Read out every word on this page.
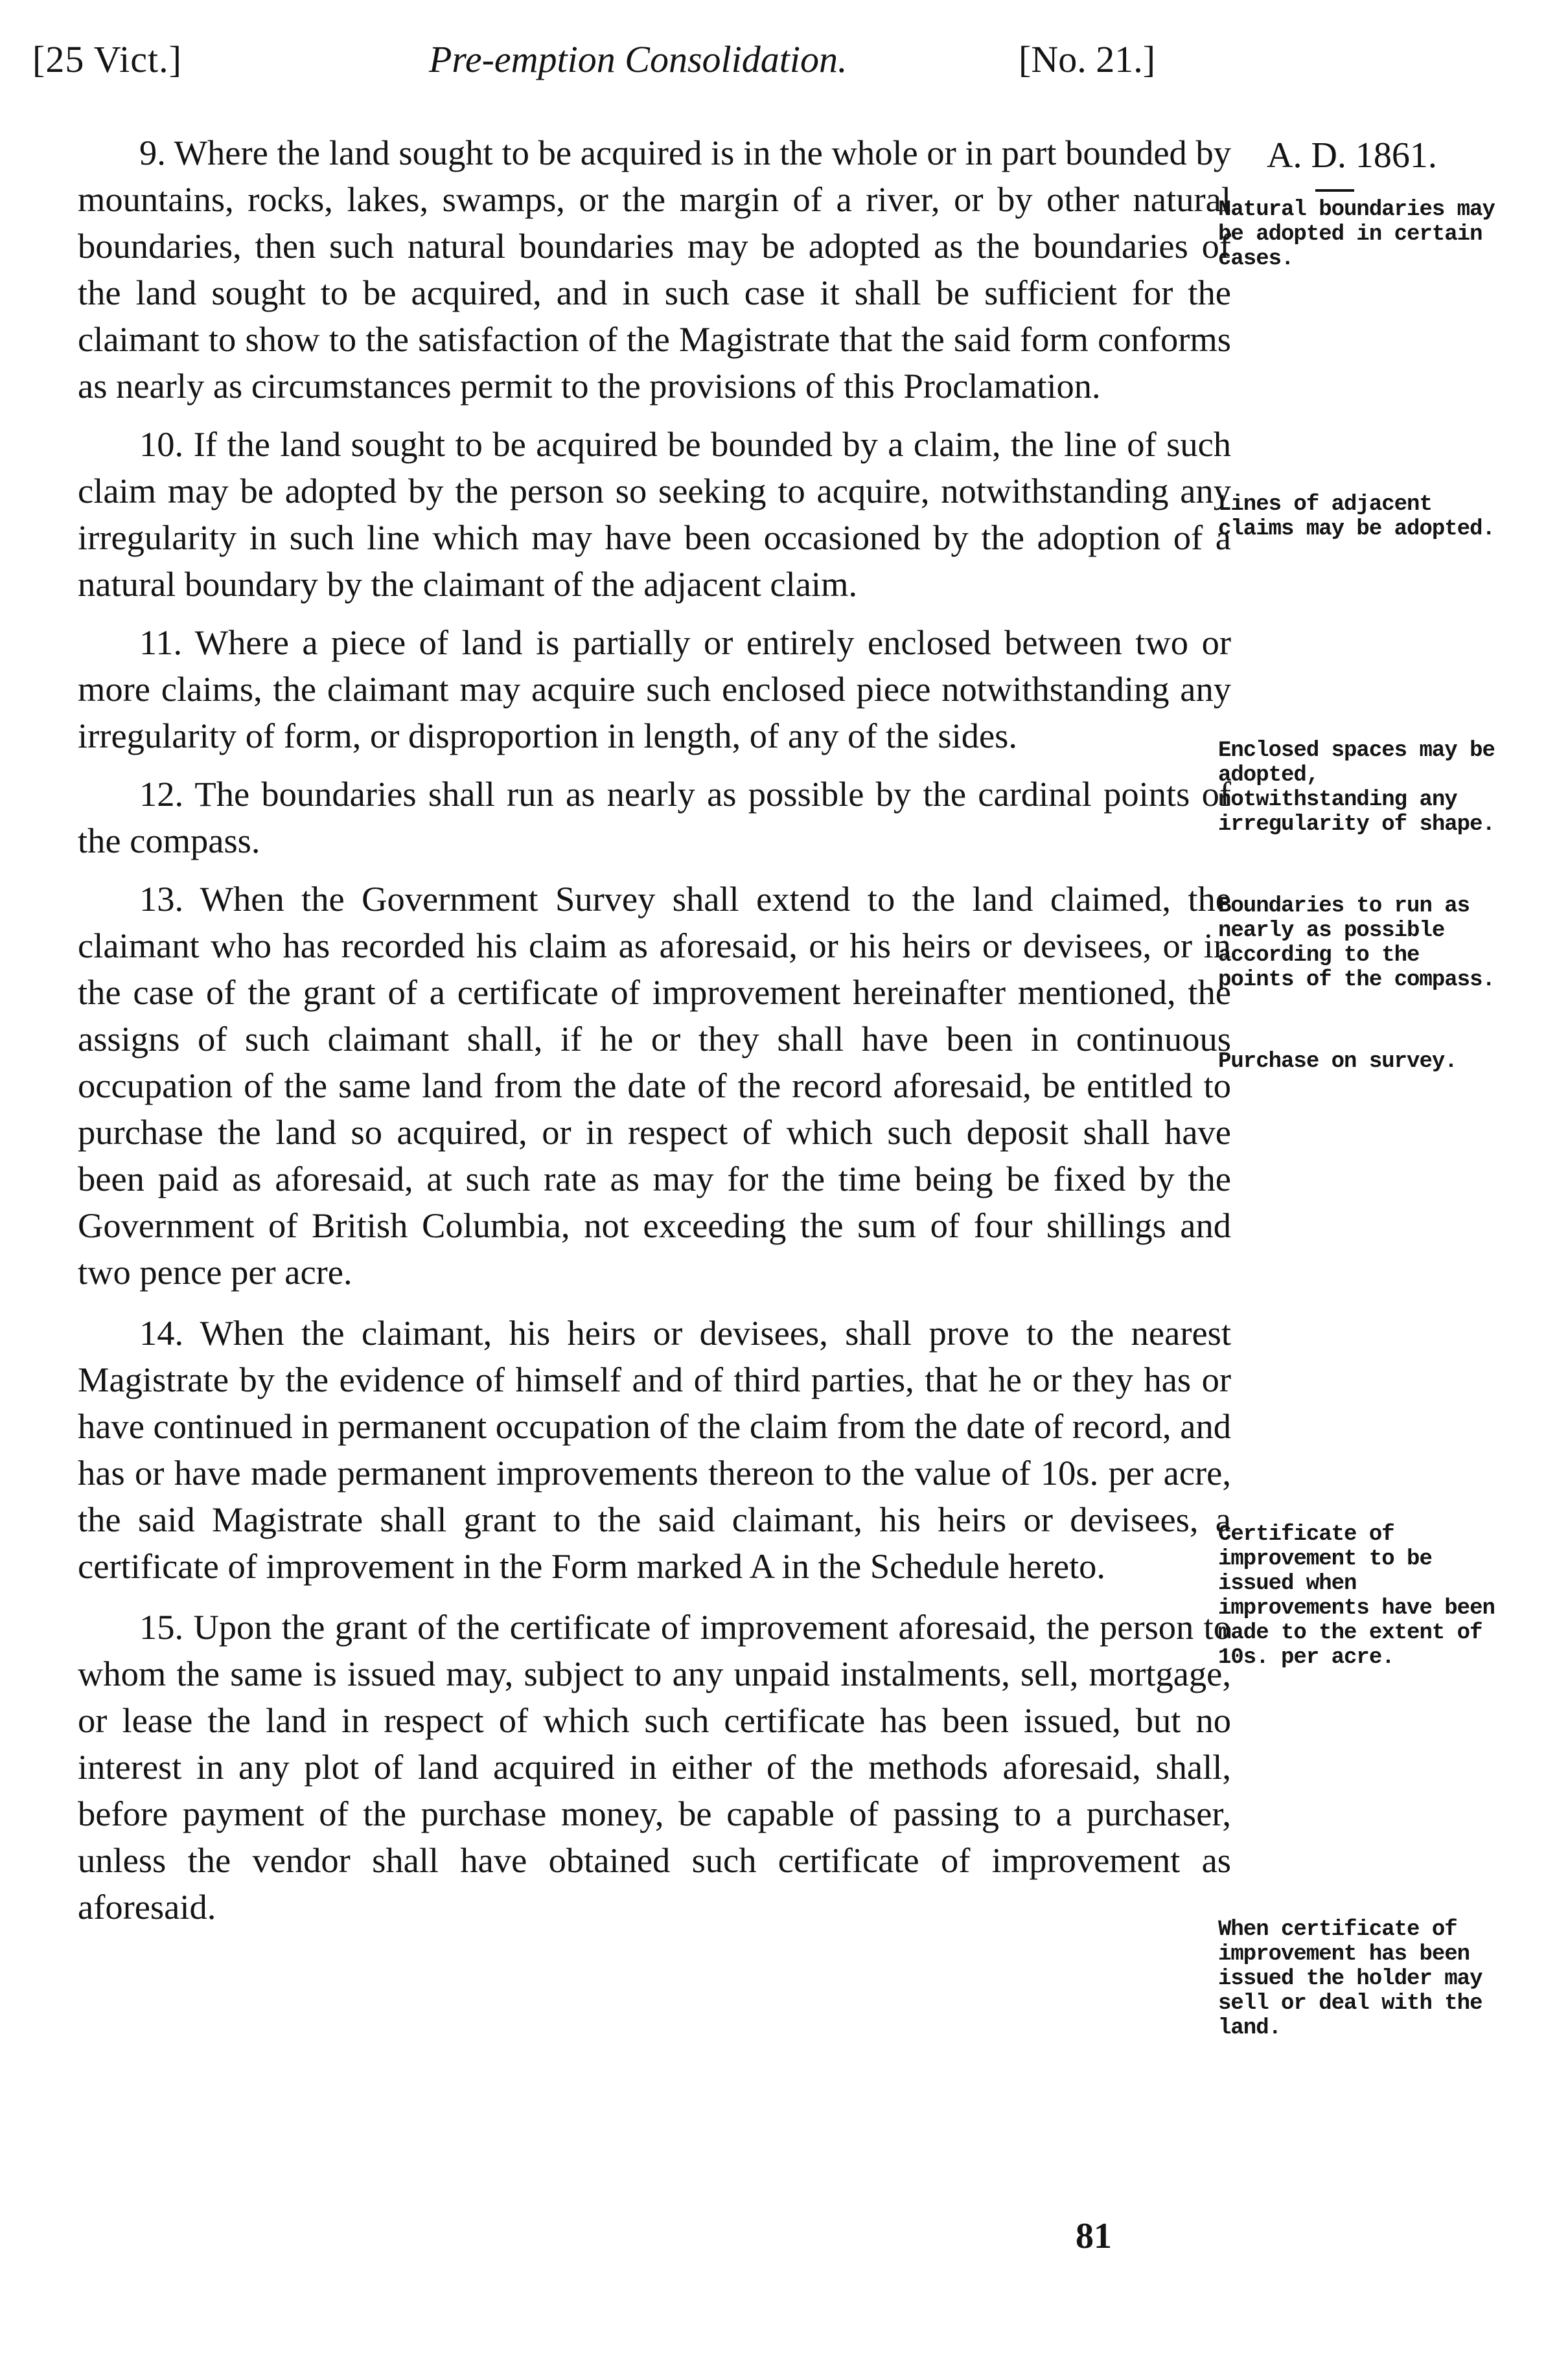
[25 Vict.]	Pre-emption Consolidation.	[No. 21.]
A. D. 1861.

9. Where the land sought to be acquired is in the whole or in part bounded by mountains, rocks, lakes, swamps, or the margin of a river, or by other natural boundaries, then such natural boundaries may be adopted as the boundaries of the land sought to be acquired, and in such case it shall be sufficient for the claimant to show to the satisfaction of the Magistrate that the said form conforms as nearly as circumstances permit to the provisions of this Proclamation.

10. If the land sought to be acquired be bounded by a claim, the line of such claim may be adopted by the person so seeking to acquire, notwithstanding any irregularity in such line which may have been occasioned by the adoption of a natural boundary by the claimant of the adjacent claim.

11. Where a piece of land is partially or entirely enclosed between two or more claims, the claimant may acquire such enclosed piece notwithstanding any irregularity of form, or disproportion in length, of any of the sides.

12. The boundaries shall run as nearly as possible by the cardinal points of the compass.

13. When the Government Survey shall extend to the land claimed, the claimant who has recorded his claim as aforesaid, or his heirs or devisees, or in the case of the grant of a certificate of improvement hereinafter mentioned, the assigns of such claimant shall, if he or they shall have been in continuous occupation of the same land from the date of the record aforesaid, be entitled to purchase the land so acquired, or in respect of which such deposit shall have been paid as aforesaid, at such rate as may for the time being be fixed by the Government of British Columbia, not exceeding the sum of four shillings and two pence per acre.

14. When the claimant, his heirs or devisees, shall prove to the nearest Magistrate by the evidence of himself and of third parties, that he or they has or have continued in permanent occupation of the claim from the date of record, and has or have made permanent improvements thereon to the value of 10s. per acre, the said Magistrate shall grant to the said claimant, his heirs or devisees, a certificate of improvement in the Form marked A in the Schedule hereto.

15. Upon the grant of the certificate of improvement aforesaid, the person to whom the same is issued may, subject to any unpaid instalments, sell, mortgage, or lease the land in respect of which such certificate has been issued, but no interest in any plot of land acquired in either of the methods aforesaid, shall, before payment of the purchase money, be capable of passing to a purchaser, unless the vendor shall have obtained such certificate of improvement as aforesaid.

Natural boundaries may be adopted in certain cases.
Lines of adjacent claims may be adopted.
Enclosed spaces may be adopted, notwithstanding any irregularity of shape.
Boundaries to run as nearly as possible according to the points of the compass.
Purchase on survey.
Certificate of improvement to be issued when improvements have been made to the extent of 10s. per acre.
When certificate of improvement has been issued the holder may sell or deal with the land.
81
